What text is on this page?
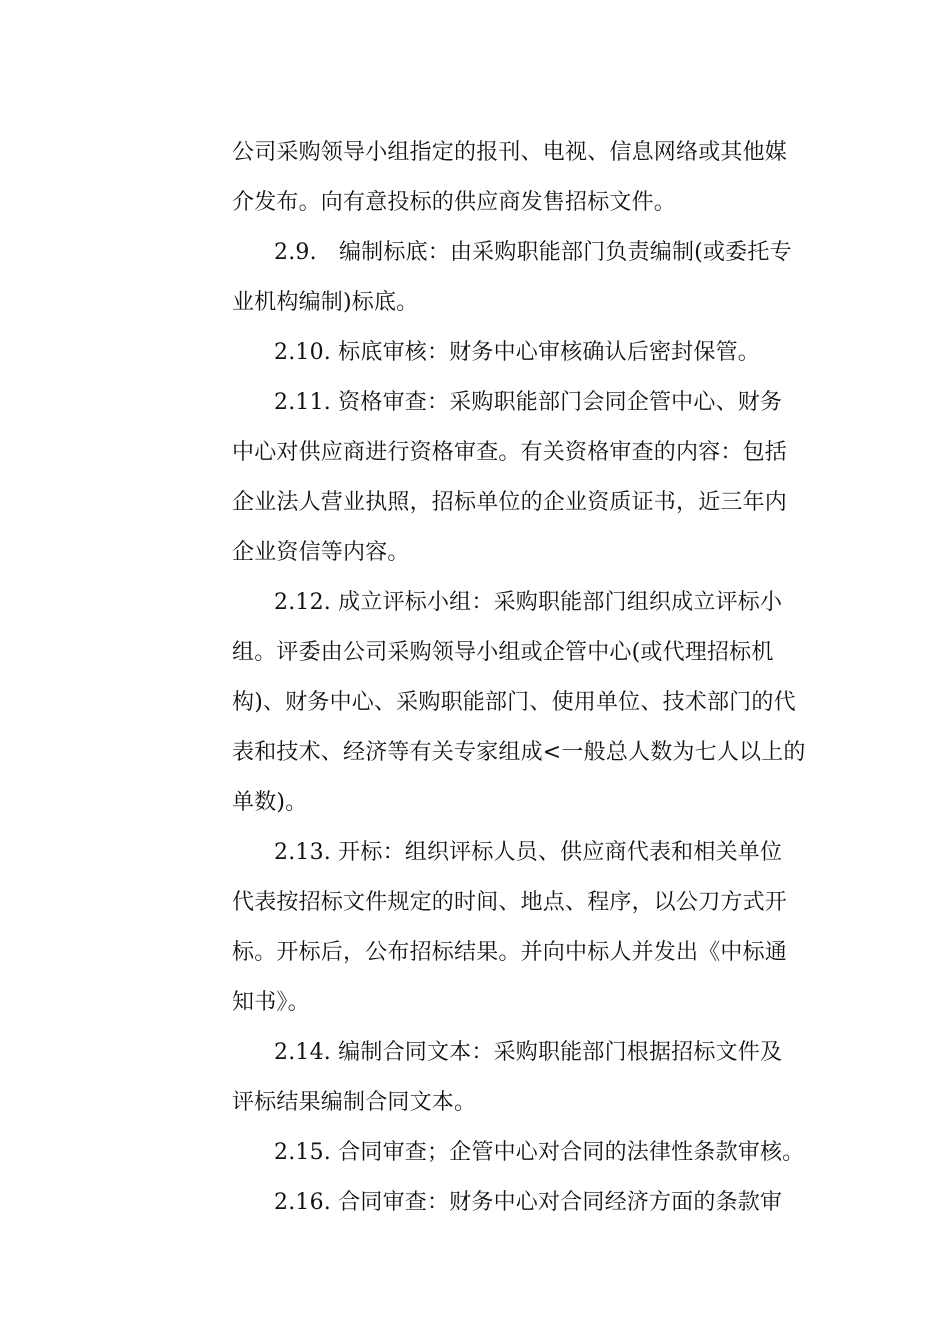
公司采购领导小组指定的报刊、电视、信息网络或其他媒
介发布。向有意投标的供应商发售招标文件。
2.9.　编制标底：由采购职能部门负责编制(或委托专
业机构编制)标底。
2.10. 标底审核：财务中心审核确认后密封保管。
2.11. 资格审查：采购职能部门会同企管中心、财务
中心对供应商进行资格审查。有关资格审查的内容：包括
企业法人营业执照，招标单位的企业资质证书，近三年内
企业资信等内容。
2.12. 成立评标小组：采购职能部门组织成立评标小
组。评委由公司采购领导小组或企管中心(或代理招标机
构)、财务中心、采购职能部门、使用单位、技术部门的代
表和技术、经济等有关专家组成<一般总人数为七人以上的
单数)。
2.13. 开标：组织评标人员、供应商代表和相关单位
代表按招标文件规定的时间、地点、程序，以公刀方式开
标。开标后，公布招标结果。并向中标人并发出《中标通
知书》。
2.14. 编制合同文本：采购职能部门根据招标文件及
评标结果编制合同文本。
2.15. 合同审查；企管中心对合同的法律性条款审核。
2.16. 合同审查：财务中心对合同经济方面的条款审
